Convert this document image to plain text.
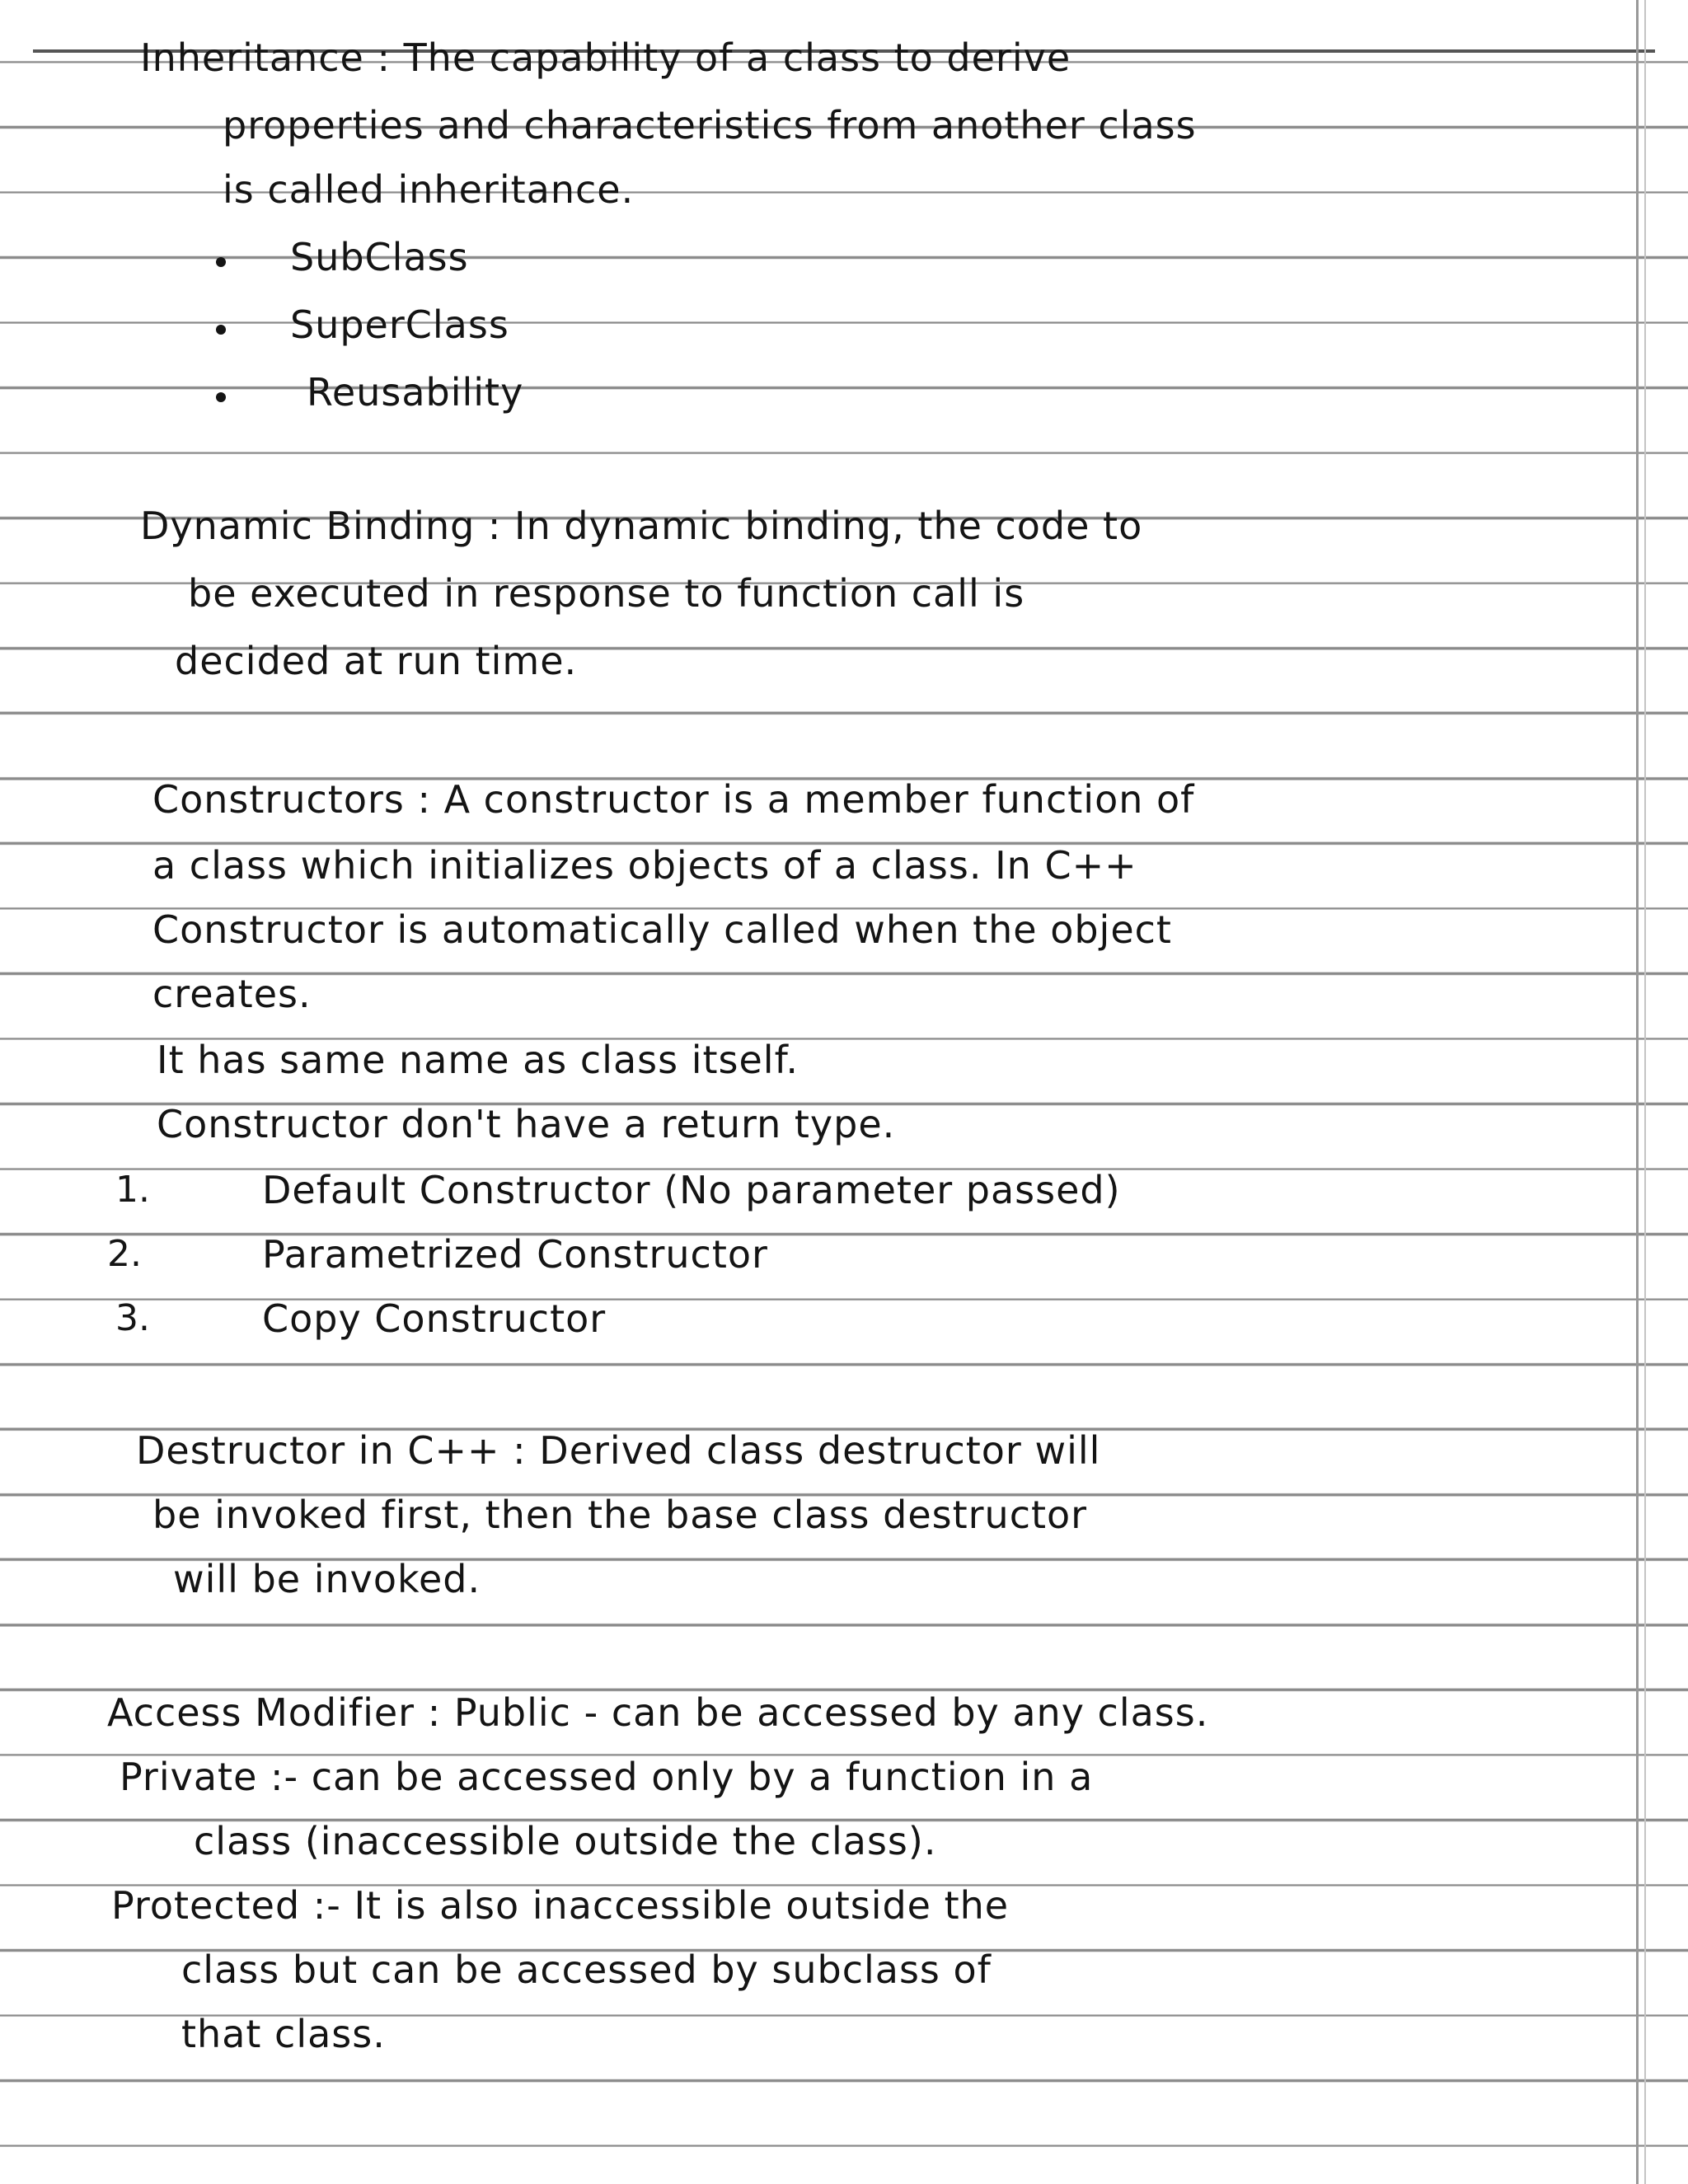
Inheritance : The capability of a class to derive
properties and characteristics from another class
is called inheritance.
SubClass
SuperClass
Reusability
Dynamic Binding : In dynamic binding, the code to
be executed in response to function call is
decided at run time.
Constructors : A constructor is a member function of
a class which initializes objects of a class. In C++
Constructor is automatically called when the object
creates.
It has same name as class itself.
Constructor don't have a return type.
1.	Default Constructor (No parameter passed)
2.	Parametrized Constructor
3.	Copy Constructor
Destructor in C++ : Derived class destructor will
be invoked first, then the base class destructor
will be invoked.
Access Modifier : Public - can be accessed by any class.
Private :- can be accessed only by a function in a
class (inaccessible outside the class).
Protected :- It is also inaccessible outside the
class but can be accessed by subclass of
that class.
